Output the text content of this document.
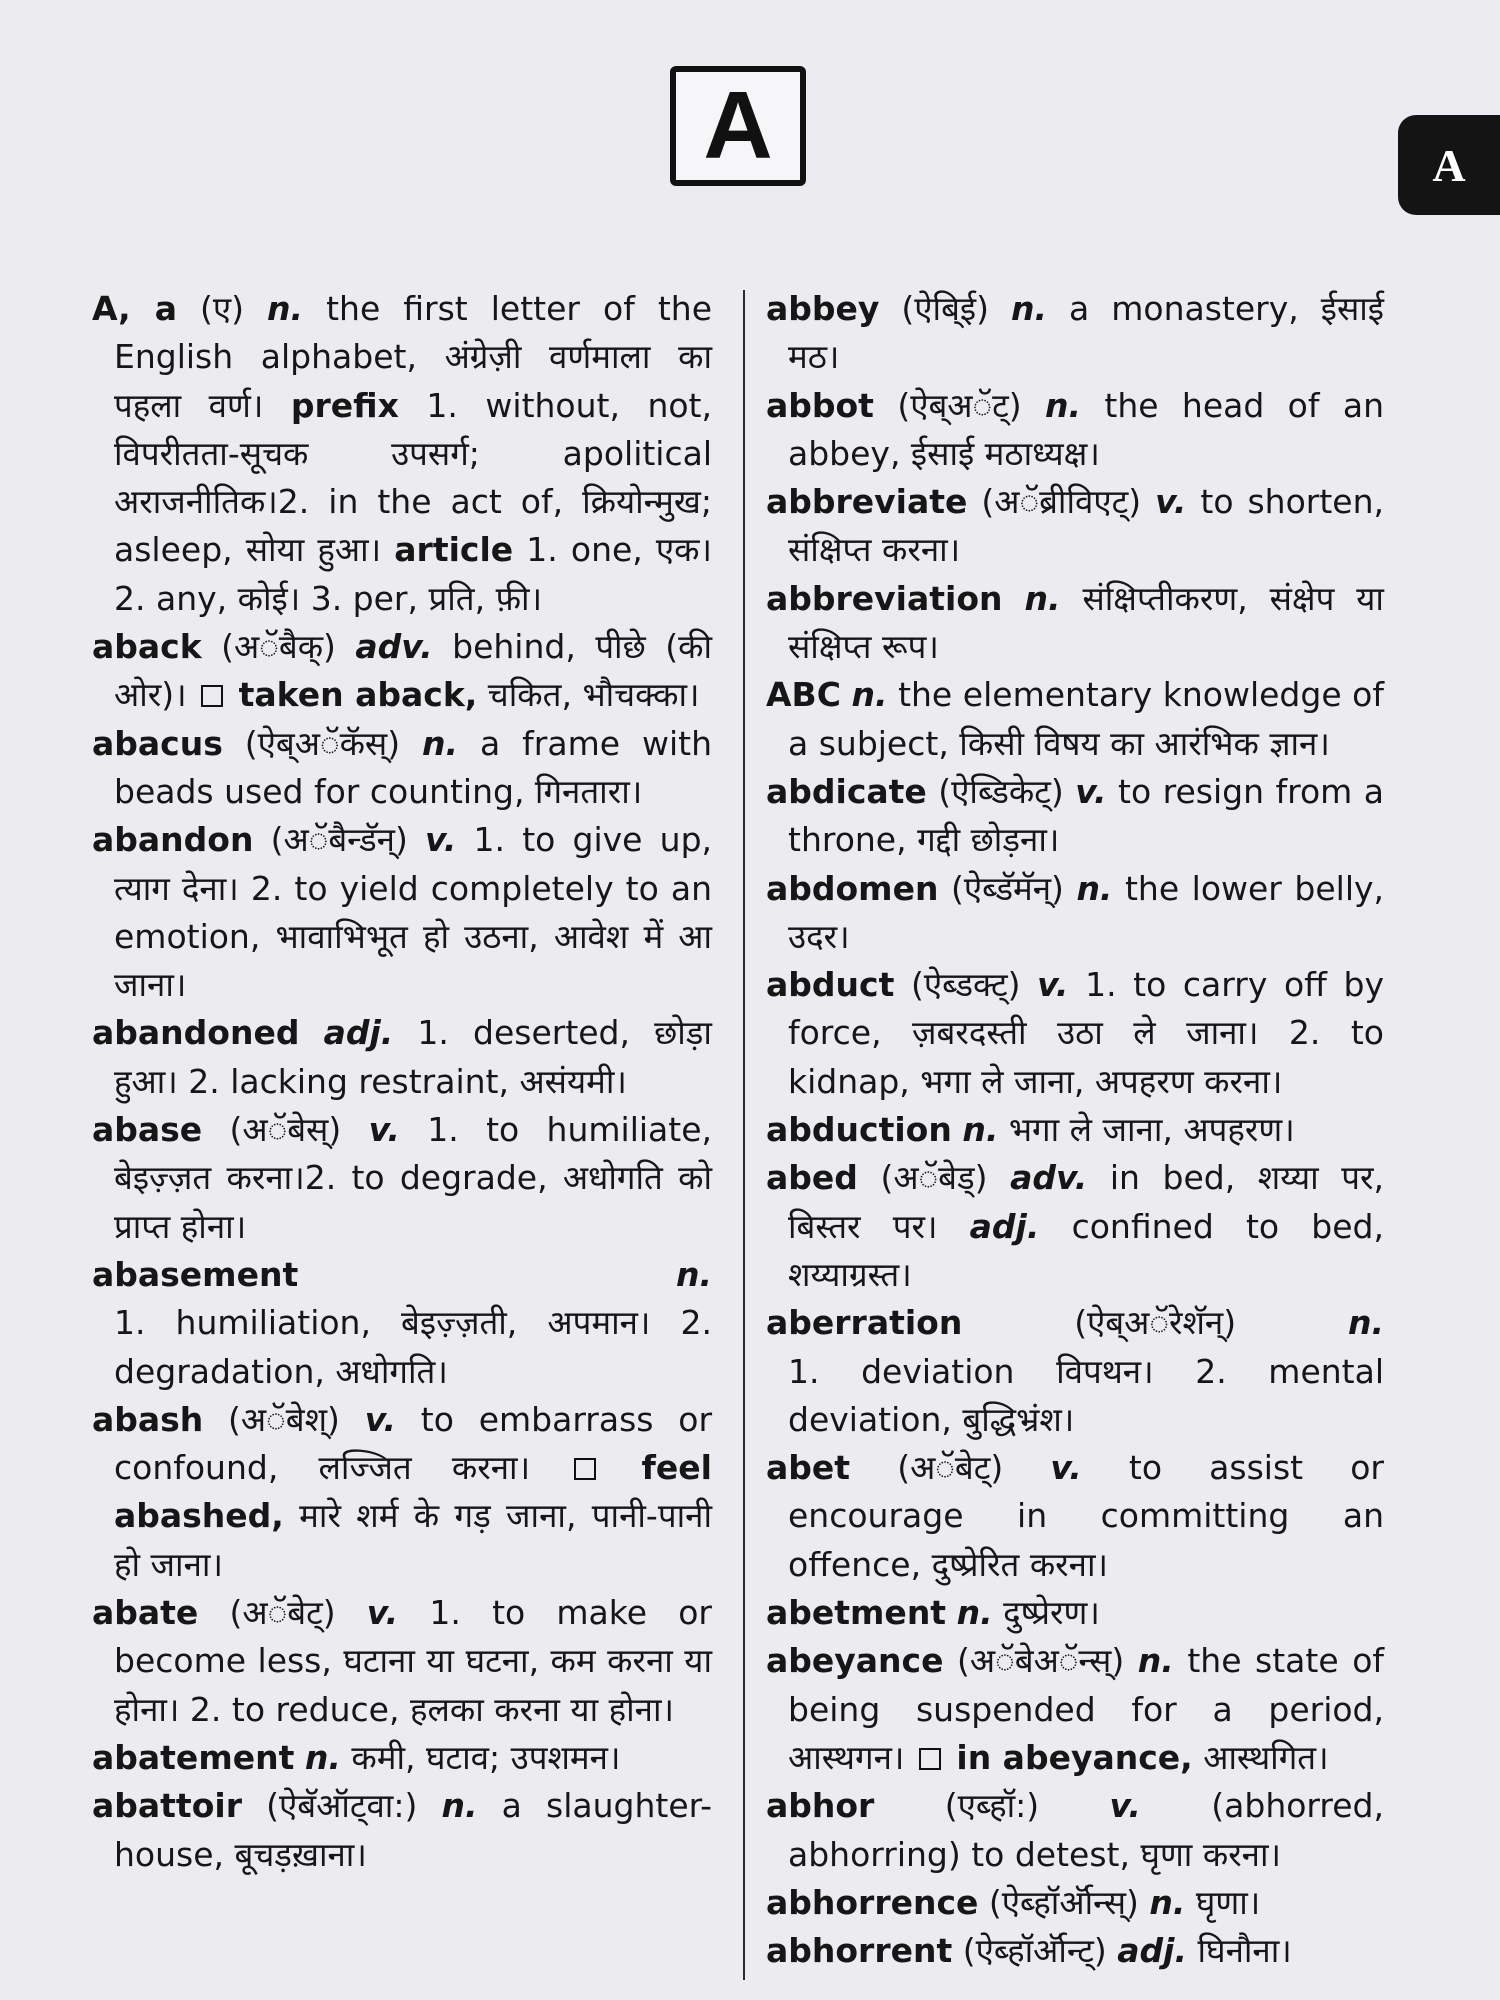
A	A

A, a (ए) n. the first letter of the English alphabet, अंग्रेज़ी वर्णमाला का पहला वर्ण। prefix 1. without, not, विपरीतता-सूचक उपसर्ग; apolitical अराजनीतिक।2. in the act of, क्रियोन्मुख; asleep, सोया हुआ। article 1. one, एक। 2. any, कोई। 3. per, प्रति, फ़ी।

aback (अॅबैक्) adv. behind, पीछे (की ओर)।  taken aback, चकित, भौचक्का।

abacus (ऐब्अॅकॅस्) n. a frame with beads used for counting, गिनतारा।

abandon (अॅबैन्डॅन्) v. 1. to give up, त्याग देना। 2. to yield completely to an emotion, भावाभिभूत हो उठना, आवेश में आ जाना।

abandoned adj. 1. deserted, छोड़ा हुआ। 2. lacking restraint, असंयमी।

abase (अॅबेस्) v. 1. to humiliate, बेइज़्ज़त करना।2. to degrade, अधोगति को प्राप्त होना।

abasement	n.
1. humiliation, बेइज़्ज़ती, अपमान। 2. degradation, अधोगति।

abash (अॅबेश्) v. to embarrass or confound, लज्जित करना।  feel abashed, मारे शर्म के गड़ जाना, पानी-पानी हो जाना।

abate (अॅबेट्) v. 1. to make or become less, घटाना या घटना, कम करना या होना। 2. to reduce, हलका करना या होना।

abatement n. कमी, घटाव; उपशमन।

abattoir (ऐबॅऑट्वा:) n. a slaughter-house, बूचड़ख़ाना।

abbey (ऐबि्ई) n. a monastery, ईसाई मठ।

abbot (ऐब्अॅट्) n. the head of an abbey, ईसाई मठाध्यक्ष।

abbreviate (अॅब्रीविएट्) v. to shorten, संक्षिप्त करना।

abbreviation n. संक्षिप्तीकरण, संक्षेप या संक्षिप्त रूप।

ABC n. the elementary knowledge of a subject, किसी विषय का आरंभिक ज्ञान।

abdicate (ऐब्डिकेट्) v. to resign from a throne, गद्दी छोड़ना।

abdomen (ऐब्डॅमॅन्) n. the lower belly, उदर।

abduct (ऐब्डक्ट्) v. 1. to carry off by force, ज़बरदस्ती उठा ले जाना। 2. to kidnap, भगा ले जाना, अपहरण करना।

abduction n. भगा ले जाना, अपहरण।

abed (अॅबेड्) adv. in bed, शय्या पर, बिस्तर पर। adj. confined to bed, शय्याग्रस्त।

aberration	(ऐब्अॅरेशॅन्)	n.
1. deviation विपथन। 2. mental deviation, बुद्धिभ्रंश।

abet (अॅबेट्) v. to assist or encourage in committing an offence, दुष्प्रेरित करना।

abetment n. दुष्प्रेरण।

abeyance (अॅबेअॅन्स्) n. the state of being suspended for a period, आस्थगन।  in abeyance, आस्थगित।

abhor (एब्हॉ:) v. (abhorred, abhorring) to detest, घृणा करना।

abhorrence (ऐब्हॉर्ऑन्स्) n. घृणा।

abhorrent (ऐब्हॉर्ऑन्ट्) adj. घिनौना।
